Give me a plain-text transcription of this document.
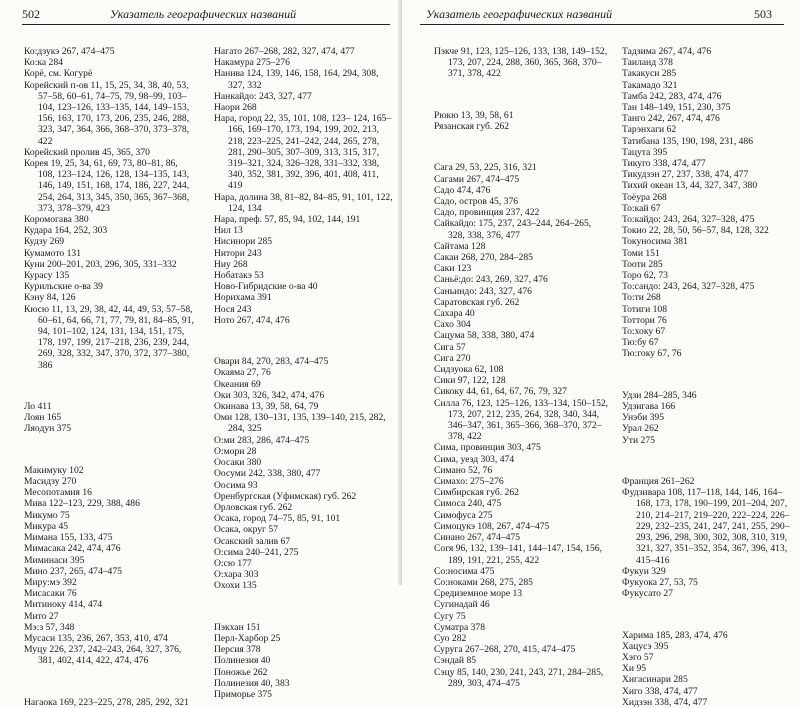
502	Указатель географических названий

Ко:дзукэ 267, 474–475

Ко:ка 284

Корё, см. Когурё

Корейский п-ов 11, 15, 25, 34, 38, 40, 53, 57–58, 60–61, 74–75, 79, 98–99, 103–104, 123–126, 133–135, 144, 149–153, 156, 163, 170, 173, 206, 235, 246, 288, 323, 347, 364, 366, 368–370, 373–378, 422

Корейский пролив 45, 365, 370

Корея 19, 25, 34, 61, 69, 73, 80–81, 86, 108, 123–124, 126, 128, 134–135, 143, 146, 149, 151, 168, 174, 186, 227, 244, 254, 264, 313, 345, 350, 365, 367–368, 373, 378–379, 423

Коромогава 380

Кудара 164, 252, 303

Кудзу 269

Кумамото 131

Куни 200–201, 203, 296, 305, 331–332

Курасу 135

Курильские о-ва 39

Кэну 84, 126

Кюсю 11, 13, 29, 38, 42, 44, 49, 53, 57–58, 60–61, 64, 66, 71, 77, 79, 81, 84–85, 91, 94, 101–102, 124, 131, 134, 151, 175, 178, 197, 199, 217–218, 236, 239, 244, 269, 328, 332, 347, 370, 372, 377–380, 386

Ло 411

Лоян 165

Ляодун 375

Макимуку 102

Масидзу 270

Месопотамия 16

Мива 122–123, 229, 388, 486

Микумо 75

Микура 45

Мимана 155, 133, 475

Мимасака 242, 474, 476

Миминаси 395

Мино 237, 265, 474–475

Миру:мэ 392

Мисасаки 76

Митинoку 414, 474

Мито 27

Мэ:з 57, 348

Мусаси 135, 236, 267, 353, 410, 474

Муцу 226, 237, 242–243, 264, 327, 376, 381, 402, 414, 422, 474, 476

Нагаока 169, 223–225, 278, 285, 292, 321

Нагато 267–268, 282, 327, 474, 477

Накамура 275–276

Нанива 124, 139, 146, 158, 164, 294, 308, 327, 332

Нанкайдо: 243, 327, 477

Наори 268

Нара, город 22, 35, 101, 108, 123– 124, 165–166, 169–170, 173, 194, 199, 202, 213, 218, 223–225, 241–242, 244, 265, 278, 281, 290–305, 307–309, 313, 315, 317, 319–321, 324, 326–328, 331–332, 338, 340, 352, 381, 392, 396, 401, 408, 411, 419

Нара, долина 38, 81–82, 84–85, 91, 101, 122, 124, 134

Нара, преф. 57, 85, 94, 102, 144, 191

Нил 13

Нисинори 285

Нитори 243

Ниу 268

Нобатакэ 53

Ново-Гибридские о-ва 40

Норихама 391

Нося 243

Ното 267, 474, 476

Овари 84, 270, 283, 474–475

Окаяма 27, 76

Океания 69

Оки 303, 326, 342, 474, 476

Окинава 13, 39, 58, 64, 79

Оми 128, 130–131, 135, 139–140, 215, 282, 284, 325

О:ми 283, 286, 474–475

О:мори 28

Оосаки 380

Оосуми 242, 338, 380, 477

Оосима 93

Оренбургская (Уфимская) губ. 262

Орловская губ. 262

Осака, город 74–75, 85, 91, 101

Осака, округ 57

Осакский залив 67

О:сима 240–241, 275

О:сю 177

О:хара 303

Охохи 135

Пэкхан 151

Перл-Харбор 25

Персия 378

Полинезия 40

Поножье 262

Полинезия 40, 383

Приморье 375

Указатель географических названий	503

Пэкче 91, 123, 125–126, 133, 138, 149–152, 173, 207, 224, 288, 360, 365, 368, 370–371, 378, 422

Рюкю 13, 39, 58, 61

Рязанская губ. 262

Сага 29, 53, 225, 316, 321

Сагами 267, 474–475

Садо 474, 476

Садо, остров 45, 376

Садо, провинция 237, 422

Сайкайдо: 175, 237, 243–244, 264–265, 328, 338, 376, 477

Сайтама 128

Сакаи 268, 270, 284–285

Саки 123

Саньё:до: 243, 269, 327, 476

Саньиндо: 243, 327, 476

Саратовская губ. 262

Сахара 40

Сахо 304

Сацума 58, 338, 380, 474

Сига 57

Сига 270

Сидзуока 62, 108

Сики 97, 122, 128

Сикоку 44, 61, 64, 67, 76, 79, 327

Силла 76, 123, 125–126, 133–134, 150–152, 173, 207, 212, 235, 264, 328, 340, 344, 346–347, 361, 365–366, 368–370, 372–378, 422

Сима, провинция 303, 475

Сима, уезд 303, 474

Симано 52, 76

Симахо: 275–276

Симбирская губ. 262

Симоса 240, 475

Симофуса 275

Симоцукэ 108, 267, 474–475

Синано 267, 474–475

Согя 96, 132, 139–141, 144–147, 154, 156, 189, 191, 221, 255, 422

Со:носима 475

Со:ноками 268, 275, 285

Средиземное море 13

Сугинадай 46

Сугу 75

Суматра 378

Суо 282

Суруга 267–268, 270, 415, 474–475

Сэндай 85

Сэцу 85, 140, 230, 241, 243, 271, 284–285, 289, 303, 474–475

Тадзима 267, 474, 476

Таиланд 378

Такакуси 285

Такамадо 321

Тамба 242, 283, 474, 476

Тан 148–149, 151, 230, 375

Танго 242, 267, 474, 476

Тарэнхаги 62

Татибана 135, 190, 198, 231, 486

Тацута 395

Тикуго 338, 474, 477

Тикудзэн 27, 237, 338, 474, 477

Тихий океан 13, 44, 327, 347, 380

Тоёура 268

То:кай 67

То:кайдо: 243, 264, 327–328, 475

Токио 22, 28, 50, 56–57, 84, 128, 322

Токуносима 381

Томи 151

Тооти 285

Торо 62, 73

То:сандо: 243, 264, 327–328, 475

То:ти 268

Тотиги 108

Тоттори 76

То:хоку 67

Тю:бу 67

Тю:гоку 67, 76

Удзи 284–285, 346

Удзигава 166

Унэби 395

Урал 262

Ути 275

Франция 261–262

Фудзивара 108, 117–118, 144, 146, 164–168, 173, 178, 190–199, 201–204, 207, 210, 214–217, 219–220, 222–224, 226–229, 232–235, 241, 247, 241, 255, 290–293, 296, 298, 300, 302, 308, 310, 319, 321, 327, 351–352, 354, 367, 396, 413, 415–416

Фукуи 329

Фукуока 27, 53, 75

Фукусато 27

Харима 185, 283, 474, 476

Хацусэ 395

Хэго 57

Хи 95

Хигасинари 285

Хиго 338, 474, 477

Хидзэн 338, 474, 477
